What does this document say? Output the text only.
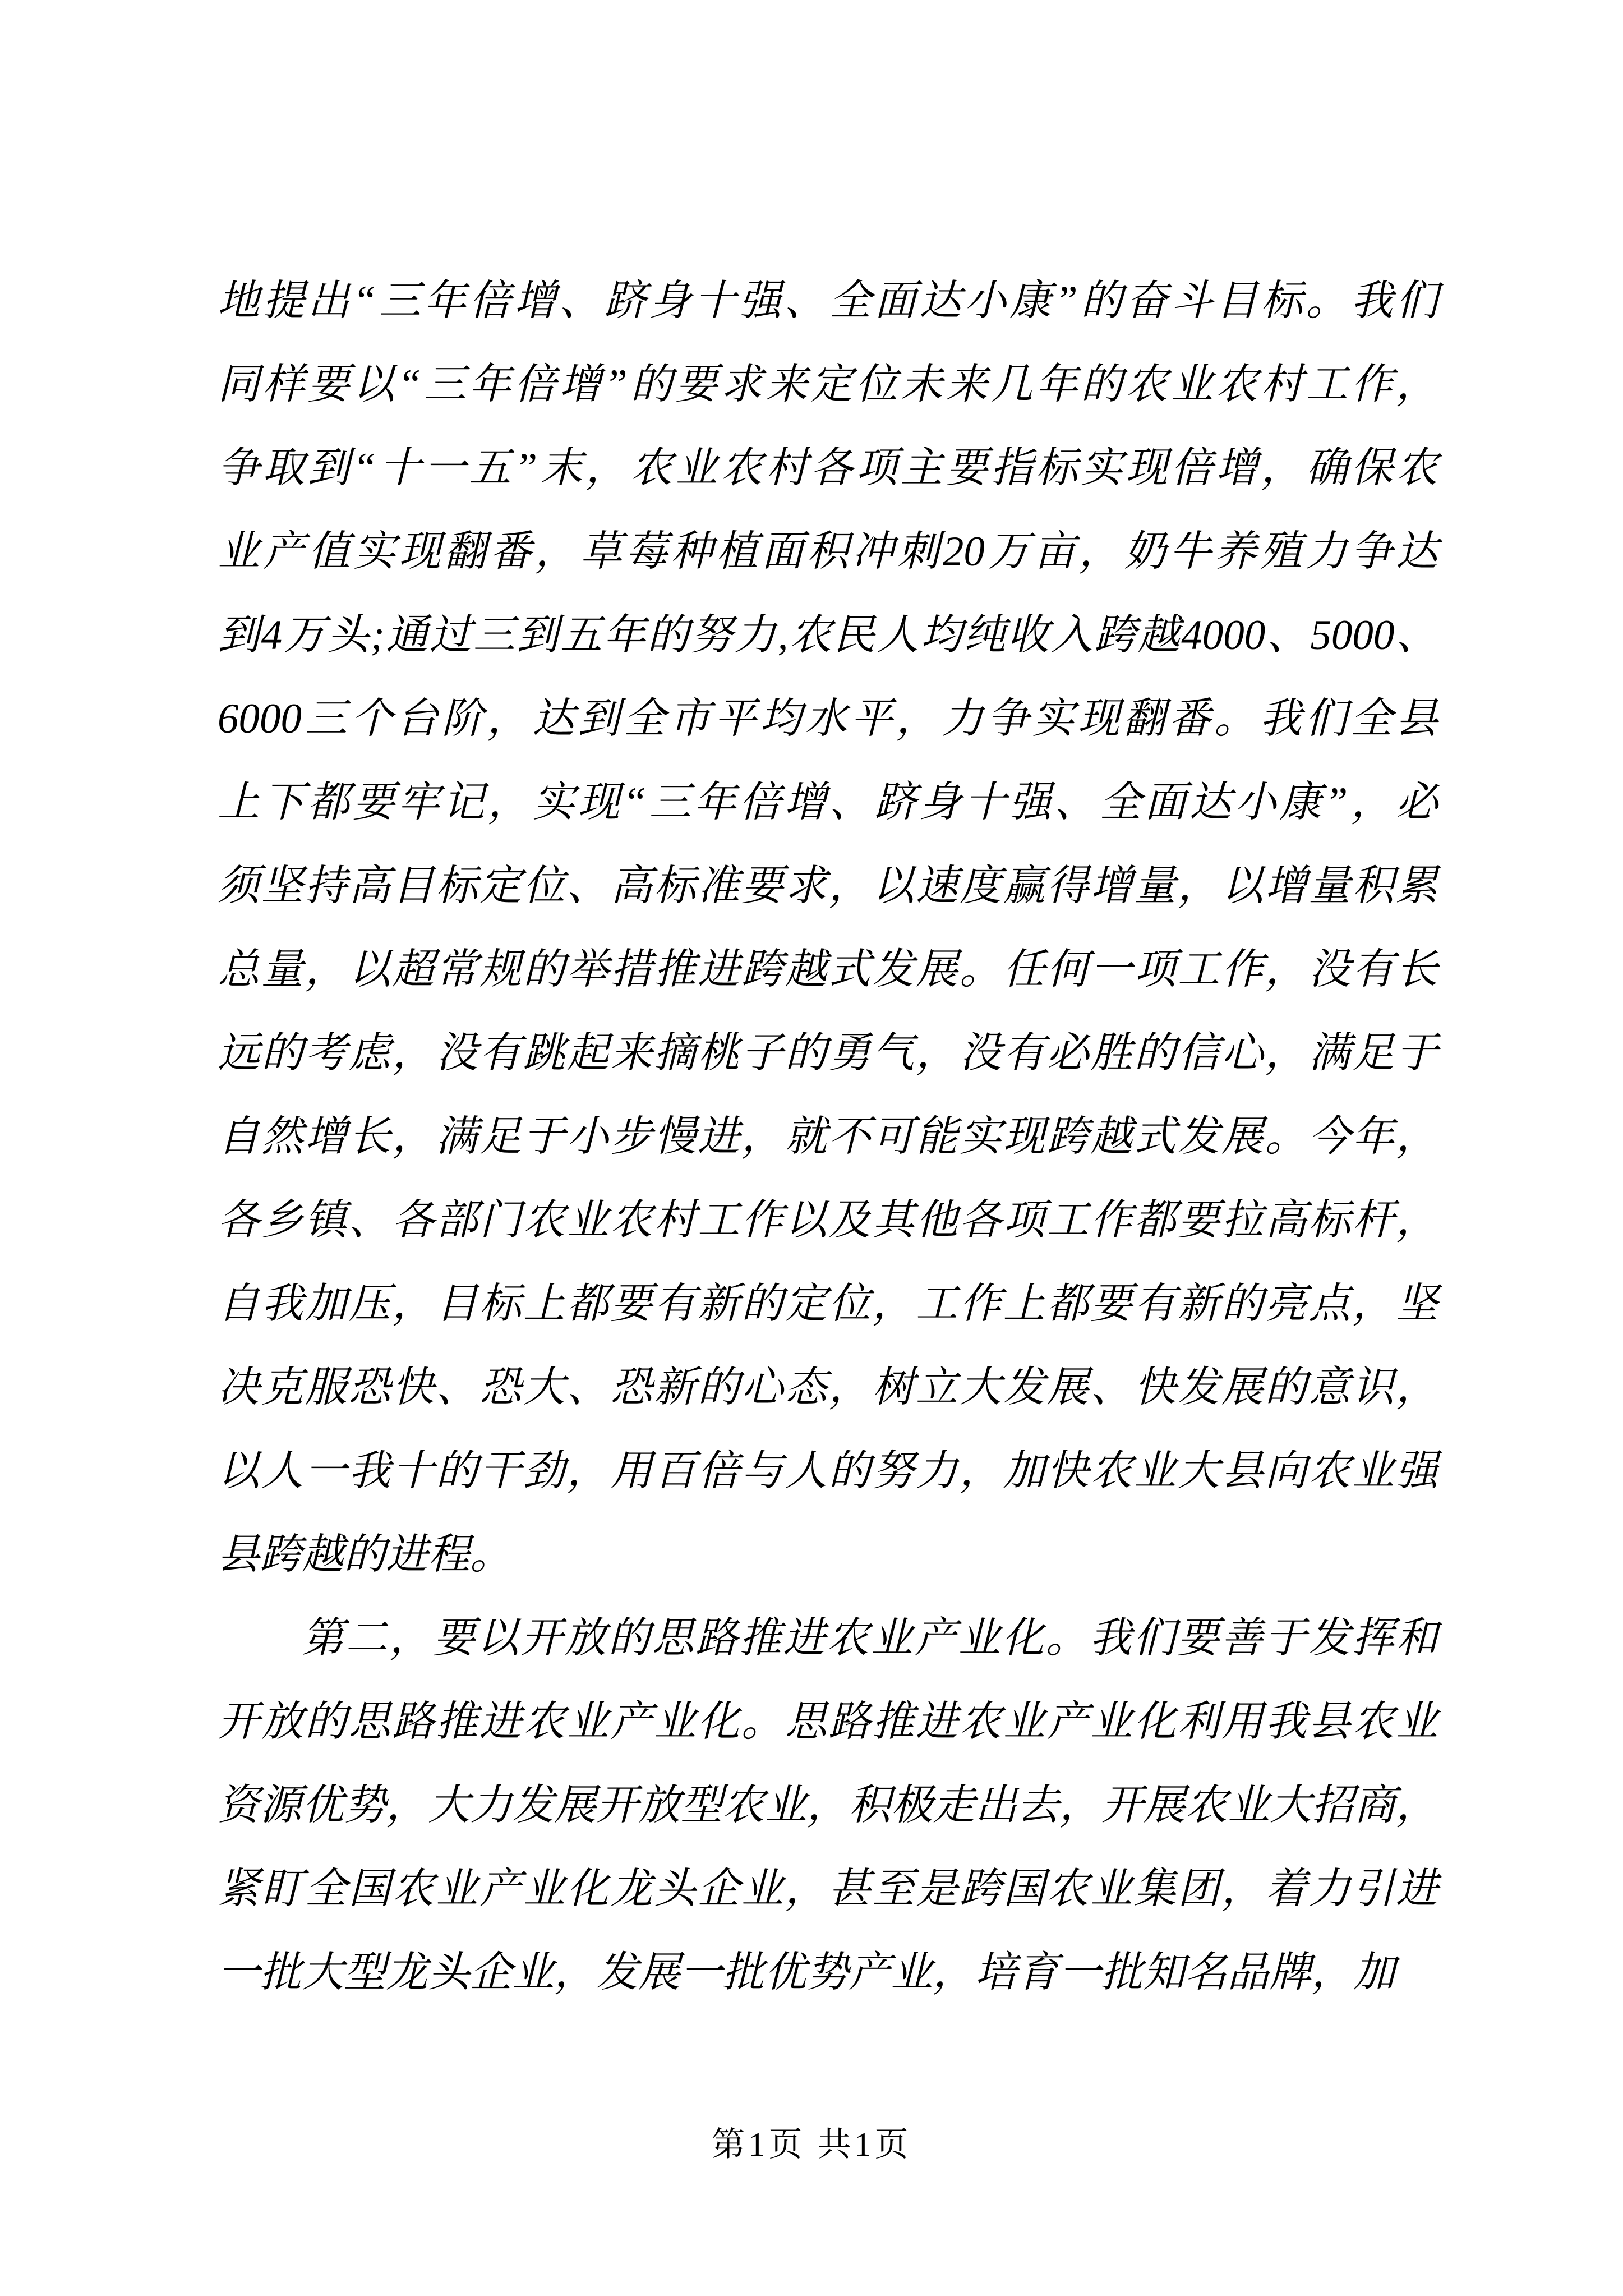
地提出“三年倍增、跻身十强、全面达小康”的奋斗目标。我们
同样要以“三年倍增”的要求来定位未来几年的农业农村工作，
争取到“十一五”末，农业农村各项主要指标实现倍增，确保农
业产值实现翻番，草莓种植面积冲刺20万亩，奶牛养殖力争达
到4万头;通过三到五年的努力,农民人均纯收入跨越4000、5000、
6000三个台阶，达到全市平均水平，力争实现翻番。我们全县
上下都要牢记，实现“三年倍增、跻身十强、全面达小康”，必
须坚持高目标定位、高标准要求，以速度赢得增量，以增量积累
总量，以超常规的举措推进跨越式发展。任何一项工作，没有长
远的考虑，没有跳起来摘桃子的勇气，没有必胜的信心，满足于
自然增长，满足于小步慢进，就不可能实现跨越式发展。今年，
各乡镇、各部门农业农村工作以及其他各项工作都要拉高标杆，
自我加压，目标上都要有新的定位，工作上都要有新的亮点，坚
决克服恐快、恐大、恐新的心态，树立大发展、快发展的意识，
以人一我十的干劲，用百倍与人的努力，加快农业大县向农业强
县跨越的进程。
第二，要以开放的思路推进农业产业化。我们要善于发挥和
开放的思路推进农业产业化。思路推进农业产业化利用我县农业
资源优势，大力发展开放型农业，积极走出去，开展农业大招商，
紧盯全国农业产业化龙头企业，甚至是跨国农业集团，着力引进
一批大型龙头企业，发展一批优势产业，培育一批知名品牌，加
第1页 共1页
